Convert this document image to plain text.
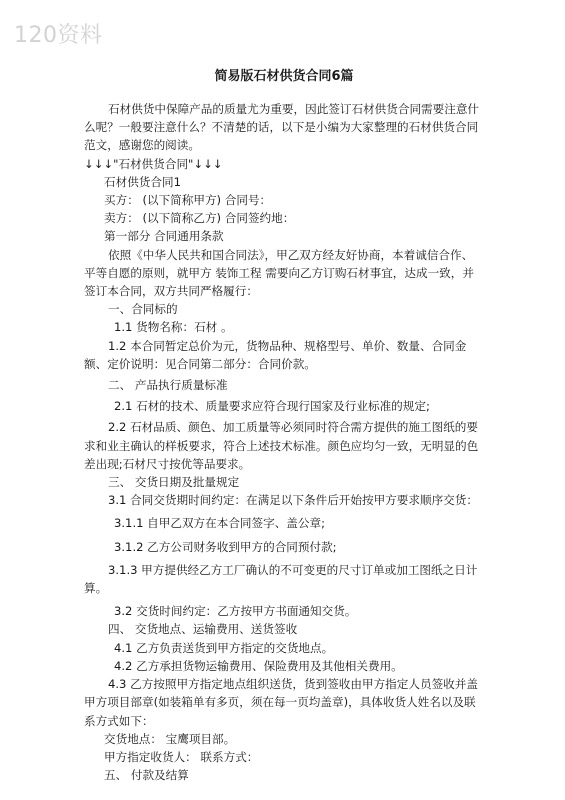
120资料
简易版石材供货合同6篇

石材供货中保障产品的质量尤为重要，因此签订石材供货合同需要注意什么呢？一般要注意什么？不清楚的话，以下是小编为大家整理的石材供货合同范文，感谢您的阅读。

↓↓↓"石材供货合同"↓↓↓

石材供货合同1

买方： (以下简称甲方) 合同号：

卖方： (以下简称乙方) 合同签约地：

第一部分 合同通用条款

依照《中华人民共和国合同法》，甲乙双方经友好协商，本着诚信合作、平等自愿的原则，就甲方 装饰工程 需要向乙方订购石材事宜，达成一致，并签订本合同，双方共同严格履行：

一、合同标的

1.1 货物名称：石材 。

1.2 本合同暂定总价为元，货物品种、规格型号、单价、数量、合同金额、定价说明：见合同第二部分：合同价款。

二、 产品执行质量标准

2.1 石材的技术、质量要求应符合现行国家及行业标准的规定;

2.2 石材品质、颜色、加工质量等必须同时符合需方提供的施工图纸的要求和业主确认的样板要求，符合上述技术标准。颜色应均匀一致，无明显的色差出现;石材尺寸按优等品要求。

三、 交货日期及批量规定

3.1 合同交货期时间约定：在满足以下条件后开始按甲方要求顺序交货：

3.1.1 自甲乙双方在本合同签字、盖公章;

3.1.2 乙方公司财务收到甲方的合同预付款;

3.1.3 甲方提供经乙方工厂确认的不可变更的尺寸订单或加工图纸之日计算。

3.2 交货时间约定：乙方按甲方书面通知交货。

四、 交货地点、运输费用、送货签收

4.1 乙方负责送货到甲方指定的交货地点。

4.2 乙方承担货物运输费用、保险费用及其他相关费用。

4.3 乙方按照甲方指定地点组织送货，货到签收由甲方指定人员签收并盖甲方项目部章(如装箱单有多页，须在每一页均盖章)，具体收货人姓名以及联系方式如下：

交货地点： 宝鹰项目部。

甲方指定收货人： 联系方式：

五、 付款及结算
